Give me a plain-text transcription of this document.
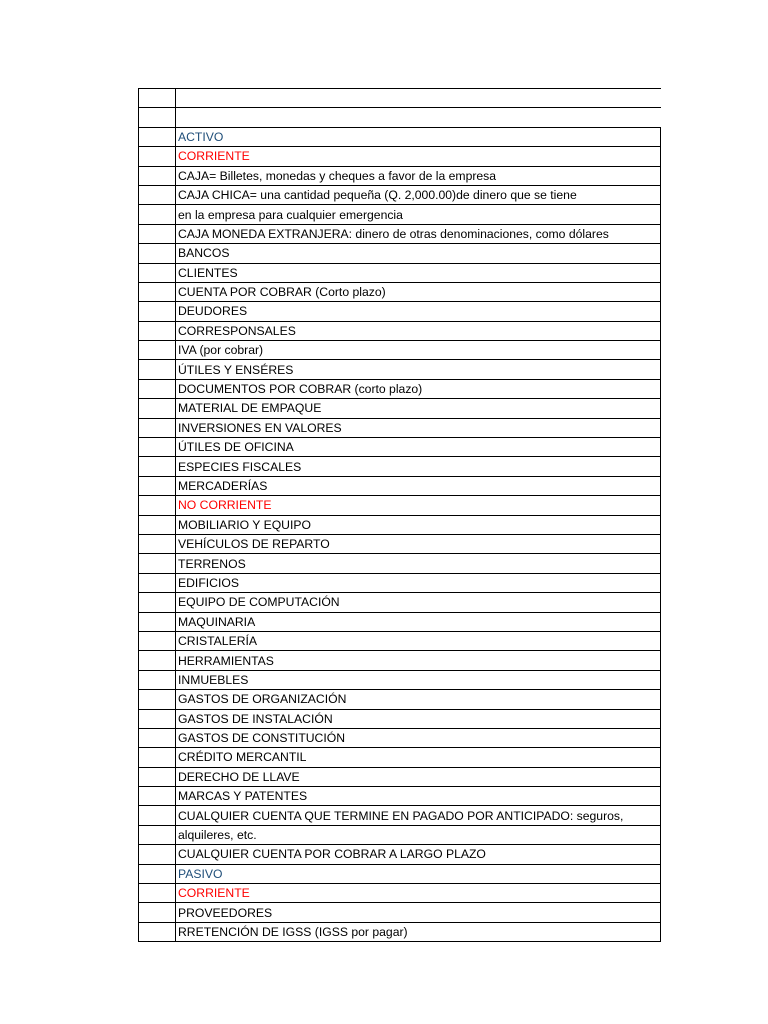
	ACTIVO
	CORRIENTE
	CAJA= Billetes, monedas y cheques a favor de la empresa
	CAJA CHICA= una cantidad pequeña (Q. 2,000.00)de dinero que se tiene
	en la empresa para cualquier emergencia
	CAJA MONEDA EXTRANJERA: dinero de otras denominaciones, como dólares
	BANCOS
	CLIENTES
	CUENTA POR COBRAR (Corto plazo)
	DEUDORES
	CORRESPONSALES
	IVA (por cobrar)
	ÚTILES Y ENSÉRES
	DOCUMENTOS POR COBRAR (corto plazo)
	MATERIAL DE EMPAQUE
	INVERSIONES EN VALORES
	ÚTILES DE OFICINA
	ESPECIES FISCALES
	MERCADERÍAS
	NO CORRIENTE
	MOBILIARIO Y EQUIPO
	VEHÍCULOS DE REPARTO
	TERRENOS
	EDIFICIOS
	EQUIPO DE COMPUTACIÓN
	MAQUINARIA
	CRISTALERÍA
	HERRAMIENTAS
	INMUEBLES
	GASTOS DE ORGANIZACIÓN
	GASTOS DE INSTALACIÓN
	GASTOS DE CONSTITUCIÓN
	CRÉDITO MERCANTIL
	DERECHO DE LLAVE
	MARCAS Y PATENTES
	CUALQUIER CUENTA QUE TERMINE EN PAGADO POR ANTICIPADO: seguros,
	alquileres, etc.
	CUALQUIER CUENTA POR COBRAR A LARGO PLAZO
	PASIVO
	CORRIENTE
	PROVEEDORES
	RRETENCIÓN DE IGSS (IGSS por pagar)
